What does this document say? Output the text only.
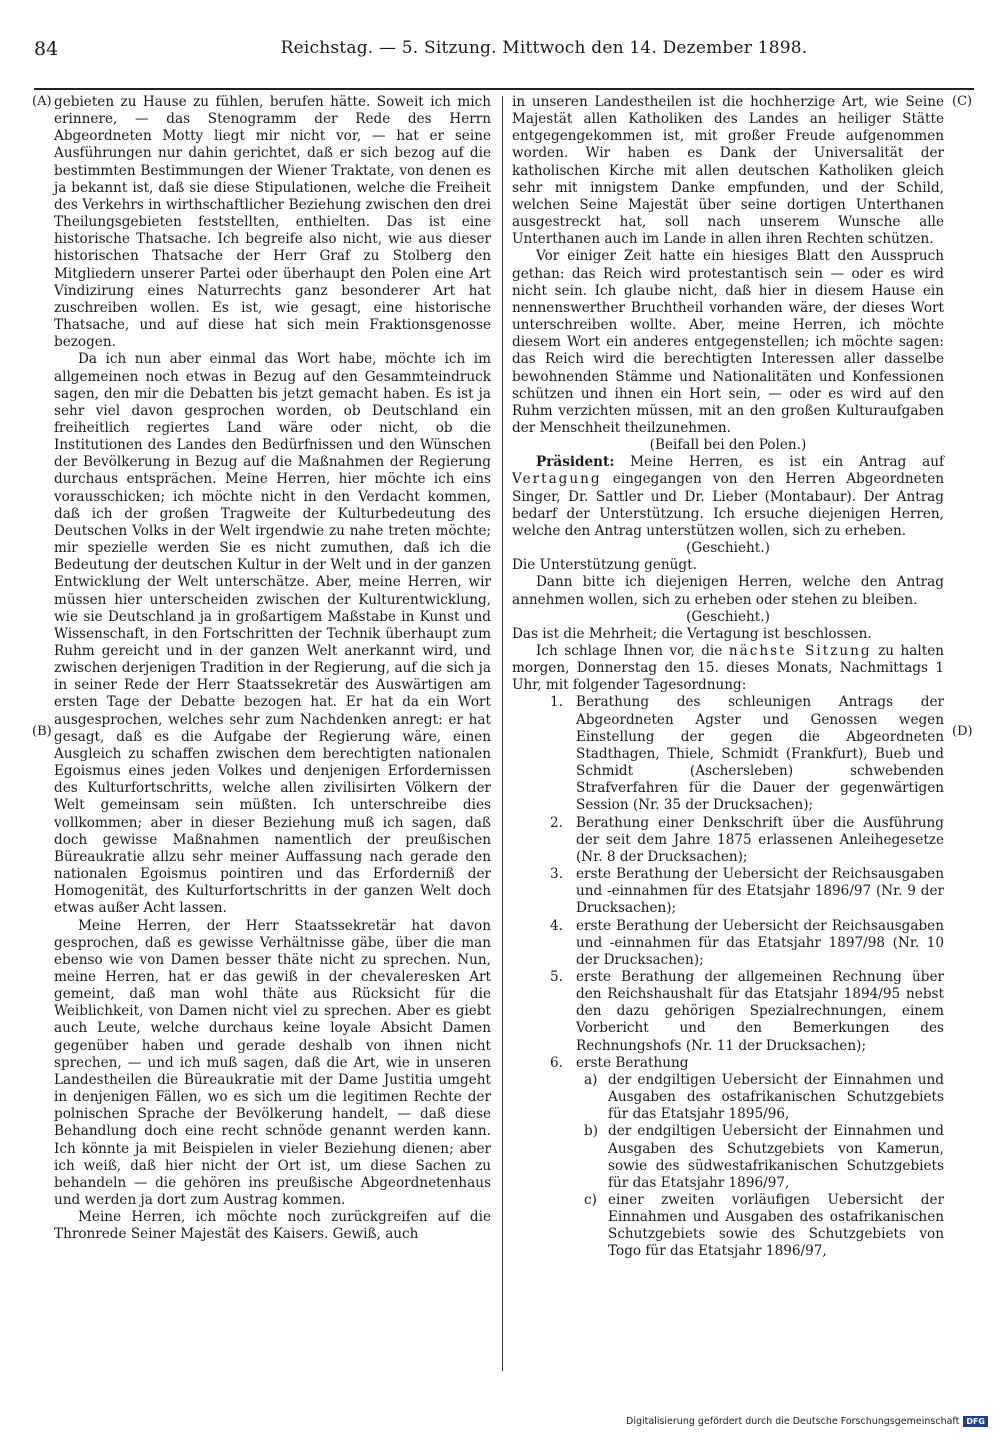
84	Reichstag. — 5. Sitzung. Mittwoch den 14. Dezember 1898.
(A)
(B)
(C)
(D)

gebieten zu Hause zu fühlen, berufen hätte. Soweit ich mich erinnere, — das Stenogramm der Rede des Herrn Abgeordneten Motty liegt mir nicht vor, — hat er seine Ausführungen nur dahin gerichtet, daß er sich bezog auf die bestimmten Bestimmungen der Wiener Traktate, von denen es ja bekannt ist, daß sie diese Stipulationen, welche die Freiheit des Verkehrs in wirthschaftlicher Beziehung zwischen den drei Theilungsgebieten feststellten, enthielten. Das ist eine historische Thatsache. Ich begreife also nicht, wie aus dieser historischen Thatsache der Herr Graf zu Stolberg den Mitgliedern unserer Partei oder überhaupt den Polen eine Art Vindizirung eines Naturrechts ganz besonderer Art hat zuschreiben wollen. Es ist, wie gesagt, eine historische Thatsache, und auf diese hat sich mein Fraktionsgenosse bezogen.

Da ich nun aber einmal das Wort habe, möchte ich im allgemeinen noch etwas in Bezug auf den Gesammteindruck sagen, den mir die Debatten bis jetzt gemacht haben. Es ist ja sehr viel davon gesprochen worden, ob Deutschland ein freiheitlich regiertes Land wäre oder nicht, ob die Institutionen des Landes den Bedürfnissen und den Wünschen der Bevölkerung in Bezug auf die Maßnahmen der Regierung durchaus entsprächen. Meine Herren, hier möchte ich eins vorausschicken; ich möchte nicht in den Verdacht kommen, daß ich der großen Tragweite der Kulturbedeutung des Deutschen Volks in der Welt irgendwie zu nahe treten möchte; mir spezielle werden Sie es nicht zumuthen, daß ich die Bedeutung der deutschen Kultur in der Welt und in der ganzen Entwicklung der Welt unterschätze. Aber, meine Herren, wir müssen hier unterscheiden zwischen der Kulturentwicklung, wie sie Deutschland ja in großartigem Maßstabe in Kunst und Wissenschaft, in den Fortschritten der Technik überhaupt zum Ruhm gereicht und in der ganzen Welt anerkannt wird, und zwischen derjenigen Tradition in der Regierung, auf die sich ja in seiner Rede der Herr Staatssekretär des Auswärtigen am ersten Tage der Debatte bezogen hat. Er hat da ein Wort ausgesprochen, welches sehr zum Nachdenken anregt: er hat gesagt, daß es die Aufgabe der Regierung wäre, einen Ausgleich zu schaffen zwischen dem berechtigten nationalen Egoismus eines jeden Volkes und denjenigen Erfordernissen des Kulturfortschritts, welche allen zivilisirten Völkern der Welt gemeinsam sein müßten. Ich unterschreibe dies vollkommen; aber in dieser Beziehung muß ich sagen, daß doch gewisse Maßnahmen namentlich der preußischen Büreaukratie allzu sehr meiner Auffassung nach gerade den nationalen Egoismus pointiren und das Erforderniß der Homogenität, des Kulturfortschritts in der ganzen Welt doch etwas außer Acht lassen.

Meine Herren, der Herr Staatssekretär hat davon gesprochen, daß es gewisse Verhältnisse gäbe, über die man ebenso wie von Damen besser thäte nicht zu sprechen. Nun, meine Herren, hat er das gewiß in der chevaleresken Art gemeint, daß man wohl thäte aus Rücksicht für die Weiblichkeit, von Damen nicht viel zu sprechen. Aber es giebt auch Leute, welche durchaus keine loyale Absicht Damen gegenüber haben und gerade deshalb von ihnen nicht sprechen, — und ich muß sagen, daß die Art, wie in unseren Landestheilen die Büreaukratie mit der Dame Justitia umgeht in denjenigen Fällen, wo es sich um die legitimen Rechte der polnischen Sprache der Bevölkerung handelt, — daß diese Behandlung doch eine recht schnöde genannt werden kann. Ich könnte ja mit Beispielen in vieler Beziehung dienen; aber ich weiß, daß hier nicht der Ort ist, um diese Sachen zu behandeln — die gehören ins preußische Abgeordnetenhaus und werden ja dort zum Austrag kommen.

Meine Herren, ich möchte noch zurückgreifen auf die Thronrede Seiner Majestät des Kaisers. Gewiß, auch

in unseren Landestheilen ist die hochherzige Art, wie Seine Majestät allen Katholiken des Landes an heiliger Stätte entgegengekommen ist, mit großer Freude aufgenommen worden. Wir haben es Dank der Universalität der katholischen Kirche mit allen deutschen Katholiken gleich sehr mit innigstem Danke empfunden, und der Schild, welchen Seine Majestät über seine dortigen Unterthanen ausgestreckt hat, soll nach unserem Wunsche alle Unterthanen auch im Lande in allen ihren Rechten schützen.

Vor einiger Zeit hatte ein hiesiges Blatt den Ausspruch gethan: das Reich wird protestantisch sein — oder es wird nicht sein. Ich glaube nicht, daß hier in diesem Hause ein nennenswerther Bruchtheil vorhanden wäre, der dieses Wort unterschreiben wollte. Aber, meine Herren, ich möchte diesem Wort ein anderes entgegenstellen; ich möchte sagen: das Reich wird die berechtigten Interessen aller dasselbe bewohnenden Stämme und Nationalitäten und Konfessionen schützen und ihnen ein Hort sein, — oder es wird auf den Ruhm verzichten müssen, mit an den großen Kulturaufgaben der Menschheit theilzunehmen.

(Beifall bei den Polen.)

Präsident: Meine Herren, es ist ein Antrag auf Vertagung eingegangen von den Herren Abgeordneten Singer, Dr. Sattler und Dr. Lieber (Montabaur). Der Antrag bedarf der Unterstützung. Ich ersuche diejenigen Herren, welche den Antrag unterstützen wollen, sich zu erheben.

(Geschieht.)

Die Unterstützung genügt.

Dann bitte ich diejenigen Herren, welche den Antrag annehmen wollen, sich zu erheben oder stehen zu bleiben.

(Geschieht.)

Das ist die Mehrheit; die Vertagung ist beschlossen.

Ich schlage Ihnen vor, die nächste Sitzung zu halten morgen, Donnerstag den 15. dieses Monats, Nachmittags 1 Uhr, mit folgender Tagesordnung:

1. Berathung des schleunigen Antrags der Abgeordneten Agster und Genossen wegen Einstellung der gegen die Abgeordneten Stadthagen, Thiele, Schmidt (Frankfurt), Bueb und Schmidt (Aschersleben) schwebenden Strafverfahren für die Dauer der gegenwärtigen Session (Nr. 35 der Drucksachen);
2. Berathung einer Denkschrift über die Ausführung der seit dem Jahre 1875 erlassenen Anleihegesetze (Nr. 8 der Drucksachen);
3. erste Berathung der Uebersicht der Reichsausgaben und -einnahmen für des Etatsjahr 1896/97 (Nr. 9 der Drucksachen);
4. erste Berathung der Uebersicht der Reichsausgaben und -einnahmen für das Etatsjahr 1897/98 (Nr. 10 der Drucksachen);
5. erste Berathung der allgemeinen Rechnung über den Reichshaushalt für das Etatsjahr 1894/95 nebst den dazu gehörigen Spezialrechnungen, einem Vorbericht und den Bemerkungen des Rechnungshofs (Nr. 11 der Drucksachen);
6. erste Berathung
a) der endgiltigen Uebersicht der Einnahmen und Ausgaben des ostafrikanischen Schutzgebiets für das Etatsjahr 1895/96,
b) der endgiltigen Uebersicht der Einnahmen und Ausgaben des Schutzgebiets von Kamerun, sowie des südwestafrikanischen Schutzgebiets für das Etatsjahr 1896/97,
c) einer zweiten vorläufigen Uebersicht der Einnahmen und Ausgaben des ostafrikanischen Schutzgebiets sowie des Schutzgebiets von Togo für das Etatsjahr 1896/97,
Digitalisierung gefördert durch die Deutsche Forschungsgemeinschaft DFG
